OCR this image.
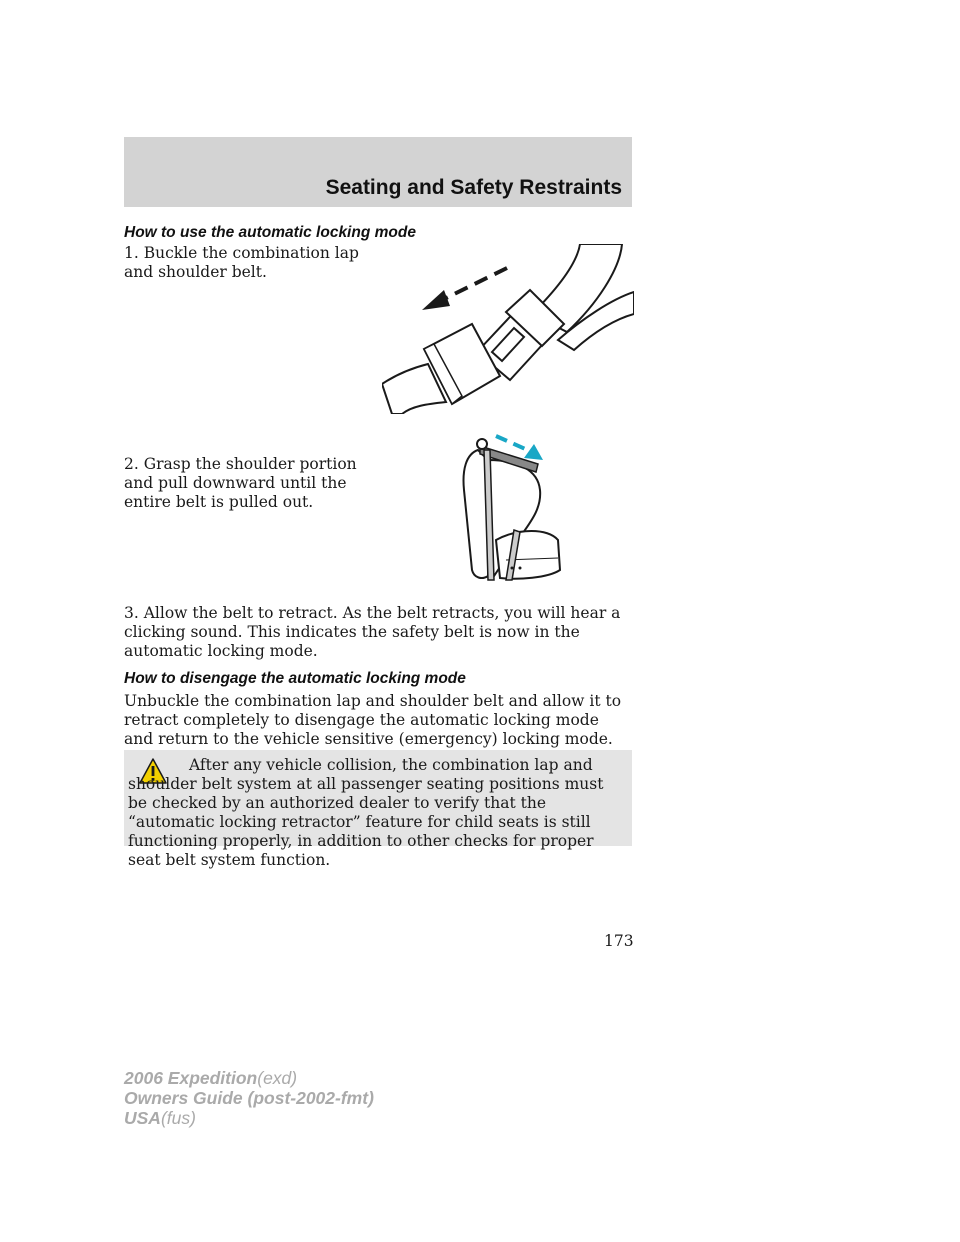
Seating and Safety Restraints
How to use the automatic locking mode

1. Buckle the combination lap and shoulder belt.

2. Grasp the shoulder portion and pull downward until the entire belt is pulled out.

3. Allow the belt to retract. As the belt retracts, you will hear a clicking sound. This indicates the safety belt is now in the automatic locking mode.

How to disengage the automatic locking mode

Unbuckle the combination lap and shoulder belt and allow it to retract completely to disengage the automatic locking mode and return to the vehicle sensitive (emergency) locking mode.

After any vehicle collision, the combination lap and shoulder belt system at all passenger seating positions must be checked by an authorized dealer to verify that the “automatic locking retractor” feature for child seats is still functioning properly, in addition to other checks for proper seat belt system function.

173
2006 Expedition(exd)
Owners Guide (post-2002-fmt)
USA(fus)
